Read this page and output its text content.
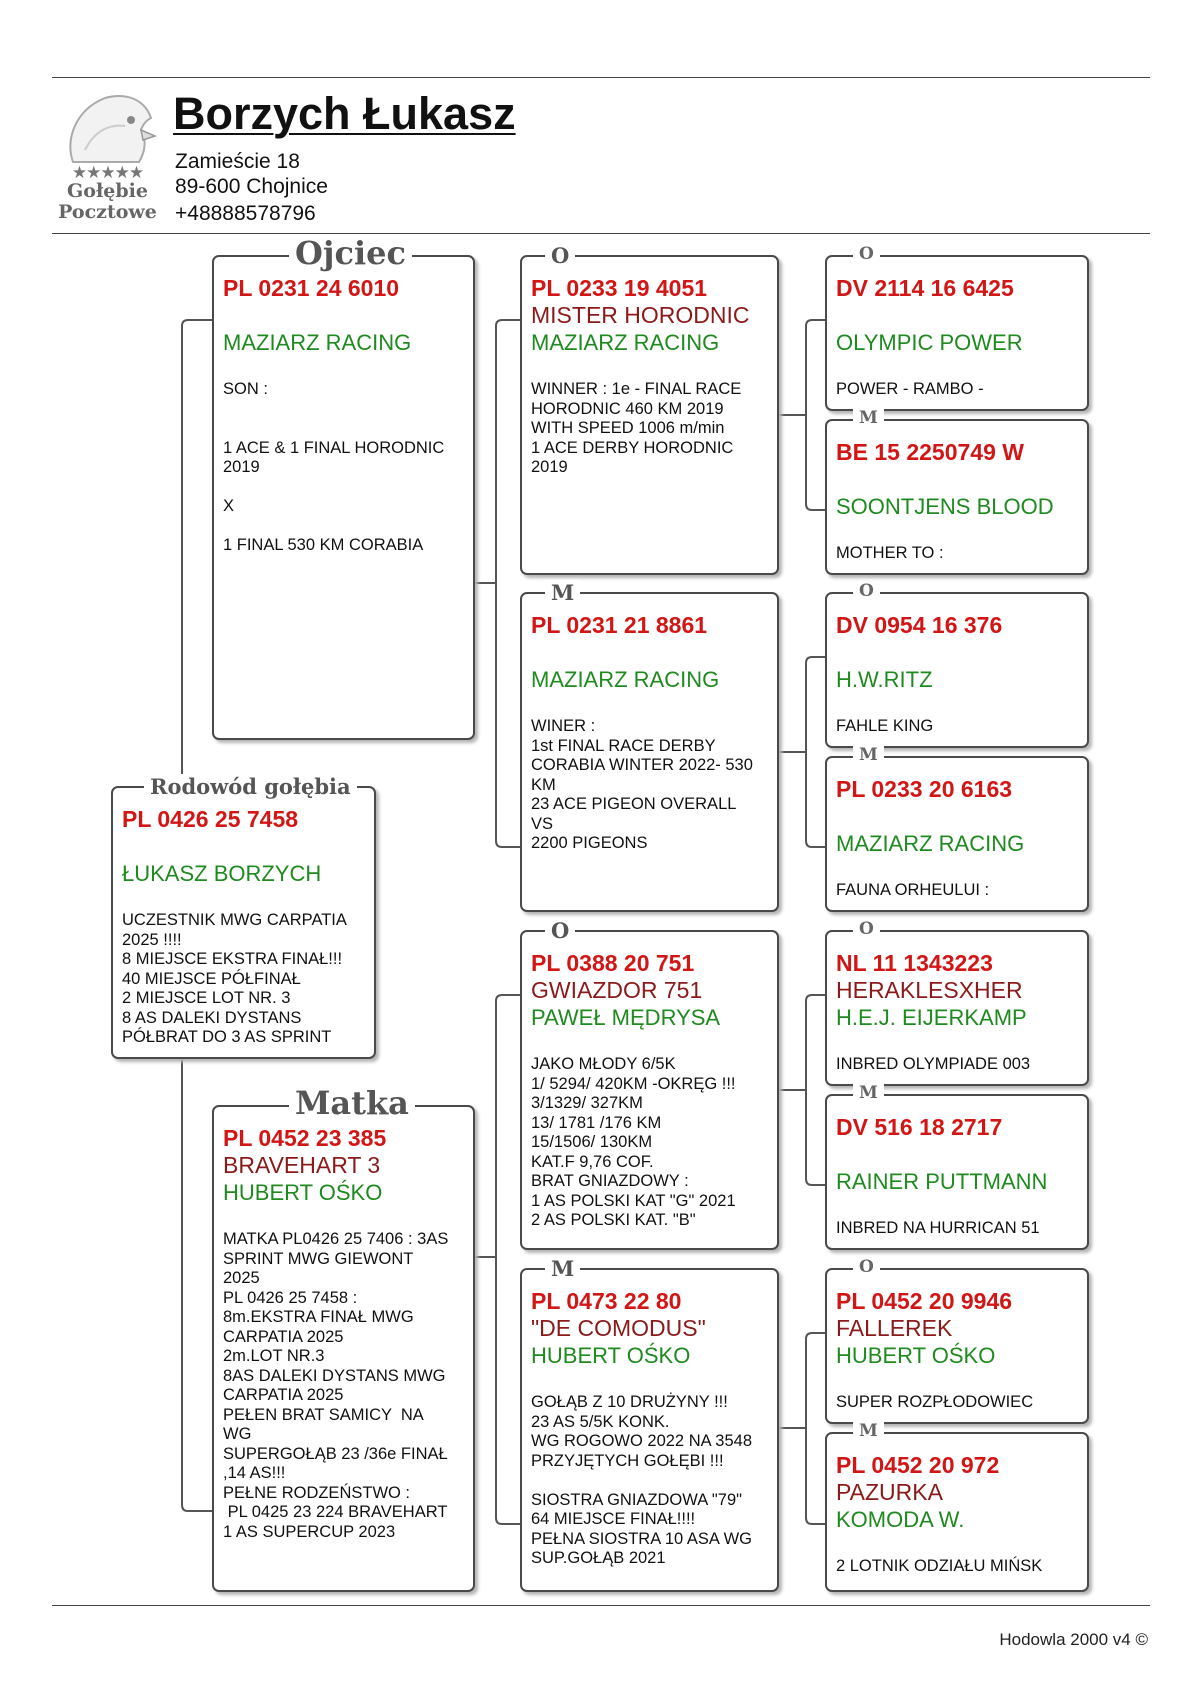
★★★★★
Gołębie
Pocztowe
Borzych Łukasz
Zamieście 18
89-600 Chojnice
+48888578796
Rodowód gołębia
PL 0426 25 7458
ŁUKASZ BORZYCH
UCZESTNIK MWG CARPATIA
2025 !!!!
8 MIEJSCE EKSTRA FINAŁ!!!
40 MIEJSCE PÓŁFINAŁ
2 MIEJSCE LOT NR. 3
8 AS DALEKI DYSTANS
PÓŁBRAT DO 3 AS SPRINT
Ojciec
PL 0231 24 6010
MAZIARZ RACING
SON :

1 ACE & 1 FINAL HORODNIC
2019

X

1 FINAL 530 KM CORABIA
Matka
PL 0452 23 385
BRAVEHART 3
HUBERT OŚKO
MATKA PL0426 25 7406 : 3AS
SPRINT MWG GIEWONT
2025
PL 0426 25 7458 :
8m.EKSTRA FINAŁ MWG
CARPATIA 2025
2m.LOT NR.3
8AS DALEKI DYSTANS MWG
CARPATIA 2025
PEŁEN BRAT SAMICY  NA
WG
SUPERGOŁĄB 23 /36e FINAŁ
,14 AS!!!
PEŁNE RODZEŃSTWO :
PL 0425 23 224 BRAVEHART
1 AS SUPERCUP 2023
O
PL 0233 19 4051
MISTER HORODNIC
MAZIARZ RACING
WINNER : 1e - FINAL RACE
HORODNIC 460 KM 2019
WITH SPEED 1006 m/min
1 ACE DERBY HORODNIC
2019
M
PL 0231 21 8861
MAZIARZ RACING
WINER :
1st FINAL RACE DERBY
CORABIA WINTER 2022- 530
KM
23 ACE PIGEON OVERALL
VS
2200 PIGEONS
O
PL 0388 20 751
GWIAZDOR 751
PAWEŁ MĘDRYSA
JAKO MŁODY 6/5K
1/ 5294/ 420KM -OKRĘG !!!
3/1329/ 327KM
13/ 1781 /176 KM
15/1506/ 130KM
KAT.F 9,76 COF.
BRAT GNIAZDOWY :
1 AS POLSKI KAT "G" 2021
2 AS POLSKI KAT. "B"
M
PL 0473 22 80
"DE COMODUS"
HUBERT OŚKO
GOŁĄB Z 10 DRUŻYNY !!!
23 AS 5/5K KONK.
WG ROGOWO 2022 NA 3548
PRZYJĘTYCH GOŁĘBI !!!

SIOSTRA GNIAZDOWA "79"
64 MIEJSCE FINAŁ!!!!
PEŁNA SIOSTRA 10 ASA WG
SUP.GOŁĄB 2021
O
DV 2114 16 6425
OLYMPIC POWER
POWER - RAMBO -
M
BE 15 2250749 W
SOONTJENS BLOOD
MOTHER TO :
O
DV 0954 16 376
H.W.RITZ
FAHLE KING
M
PL 0233 20 6163
MAZIARZ RACING
FAUNA ORHEULUI :
O
NL 11 1343223
HERAKLESXHER
H.E.J. EIJERKAMP
INBRED OLYMPIADE 003
M
DV 516 18 2717
RAINER PUTTMANN
INBRED NA HURRICAN 51
O
PL 0452 20 9946
FALLEREK
HUBERT OŚKO
SUPER ROZPŁODOWIEC
M
PL 0452 20 972
PAZURKA
KOMODA W.
2 LOTNIK ODZIAŁU MIŃSK
Hodowla 2000 v4 ©
